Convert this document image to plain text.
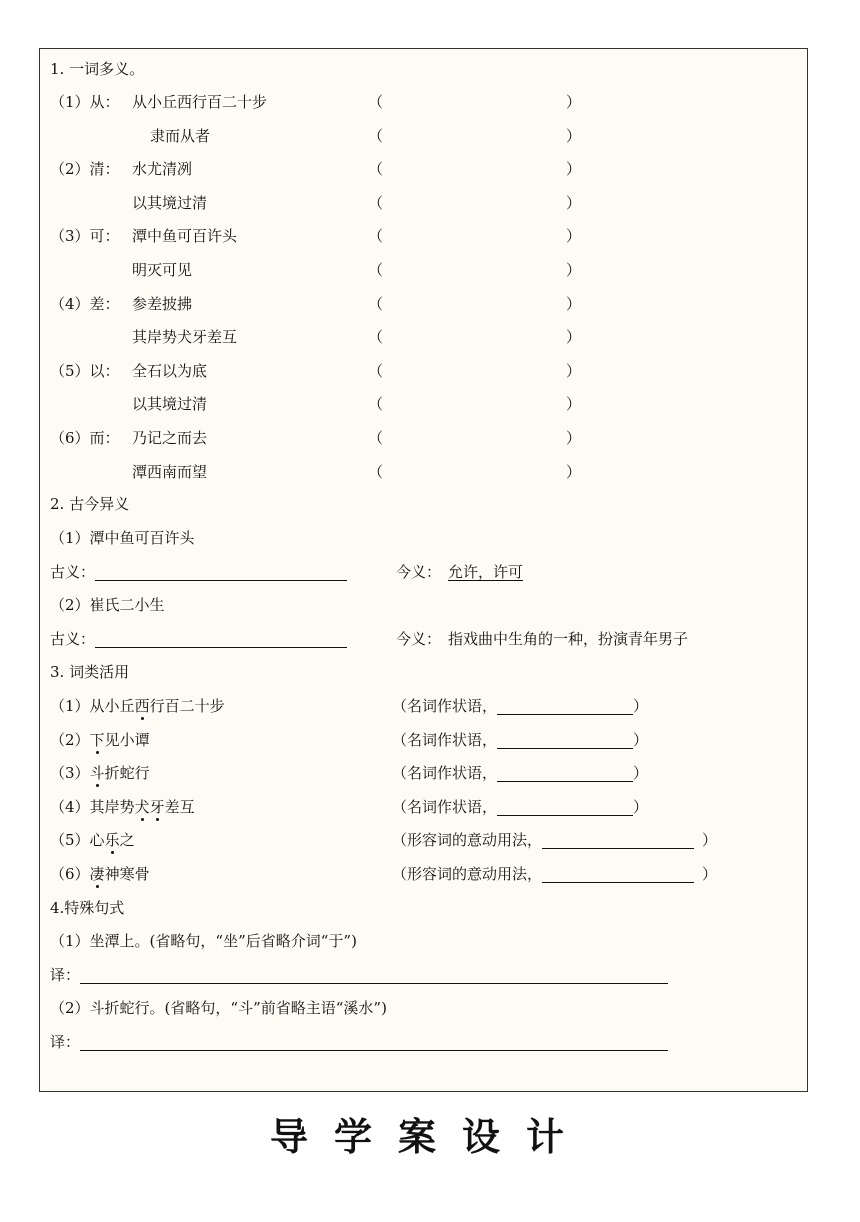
1. 一词多义。
（1）从： 从小丘西行百二十步	（	）
隶而从者	（	）
（2）清： 水尤清冽	（	）
以其境过清	（	）
（3）可： 潭中鱼可百许头	（	）
明灭可见	（	）
（4）差： 参差披拂	（	）
其岸势犬牙差互	（	）
（5）以： 全石以为底	（	）
以其境过清	（	）
（6）而： 乃记之而去	（	）
潭西南而望	（	）
2. 古今异义
（1）潭中鱼可百许头
古义：	今义： 允许，许可
（2）崔氏二小生
古义：	今义： 指戏曲中生角的一种，扮演青年男子
3. 词类活用
（1）从小丘西行百二十步	（名词作状语，	）
（2）下见小谭	（名词作状语，	）
（3）斗折蛇行	（名词作状语，	）
（4）其岸势犬牙差互	（名词作状语，	）
（5）心乐之	（形容词的意动用法，	）
（6）凄神寒骨	（形容词的意动用法，	）
4.特殊句式
（1）坐潭上。(省略句，“坐”后省略介词“于”)
译：
（2）斗折蛇行。(省略句，“斗”前省略主语“溪水”)
译：
导学案设计
